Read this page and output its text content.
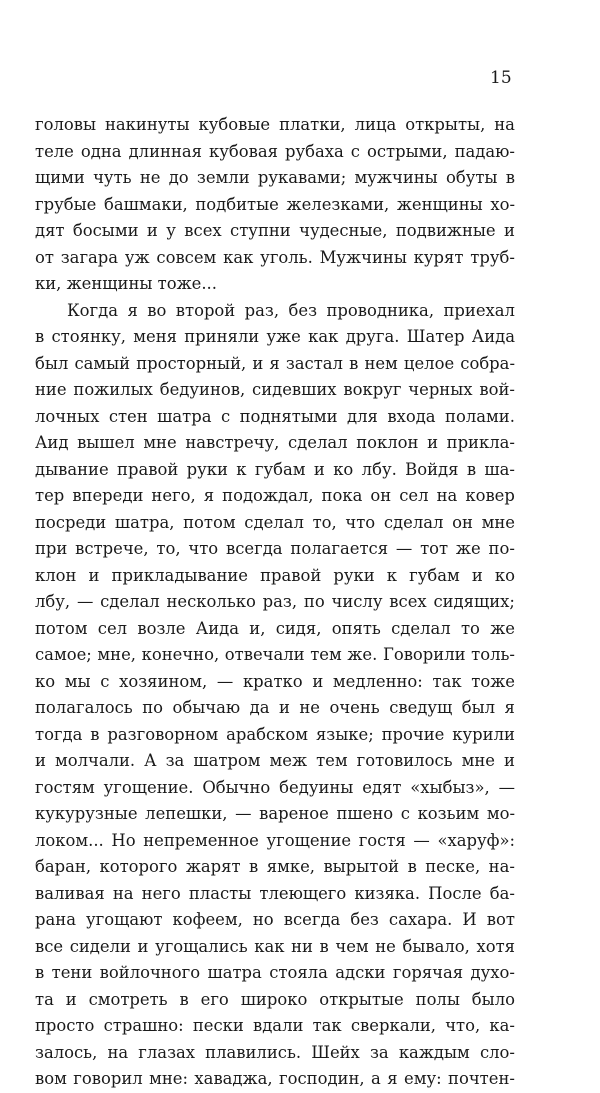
15
головы накинуты кубовые платки, лица открыты, на
теле одна длинная кубовая рубаха с острыми, падаю-
щими чуть не до земли рукавами; мужчины обуты в
грубые башмаки, подбитые железками, женщины хо-
дят босыми и у всех ступни чудесные, подвижные и
от загара уж совсем как уголь. Мужчины курят труб-
ки, женщины тоже...
Когда я во второй раз, без проводника, приехал
в стоянку, меня приняли уже как друга. Шатер Аида
был самый просторный, и я застал в нем целое собра-
ние пожилых бедуинов, сидевших вокруг черных вой-
лочных стен шатра с поднятыми для входа полами.
Аид вышел мне навстречу, сделал поклон и прикла-
дывание правой руки к губам и ко лбу. Войдя в ша-
тер впереди него, я подождал, пока он сел на ковер
посреди шатра, потом сделал то, что сделал он мне
при встрече, то, что всегда полагается — тот же по-
клон и прикладывание правой руки к губам и ко
лбу, — сделал несколько раз, по числу всех сидящих;
потом сел возле Аида и, сидя, опять сделал то же
самое; мне, конечно, отвечали тем же. Говорили толь-
ко мы с хозяином, — кратко и медленно: так тоже
полагалось по обычаю да и не очень сведущ был я
тогда в разговорном арабском языке; прочие курили
и молчали. А за шатром меж тем готовилось мне и
гостям угощение. Обычно бедуины едят «хыбыз», —
кукурузные лепешки, — вареное пшено с козьим мо-
локом... Но непременное угощение гостя — «харуф»:
баран, которого жарят в ямке, вырытой в песке, на-
валивая на него пласты тлеющего кизяка. После ба-
рана угощают кофеем, но всегда без сахара. И вот
все сидели и угощались как ни в чем не бывало, хотя
в тени войлочного шатра стояла адски горячая духо-
та и смотреть в его широко открытые полы было
просто страшно: пески вдали так сверкали, что, ка-
залось, на глазах плавились. Шейх за каждым сло-
вом говорил мне: хаваджа, господин, а я ему: почтен-
